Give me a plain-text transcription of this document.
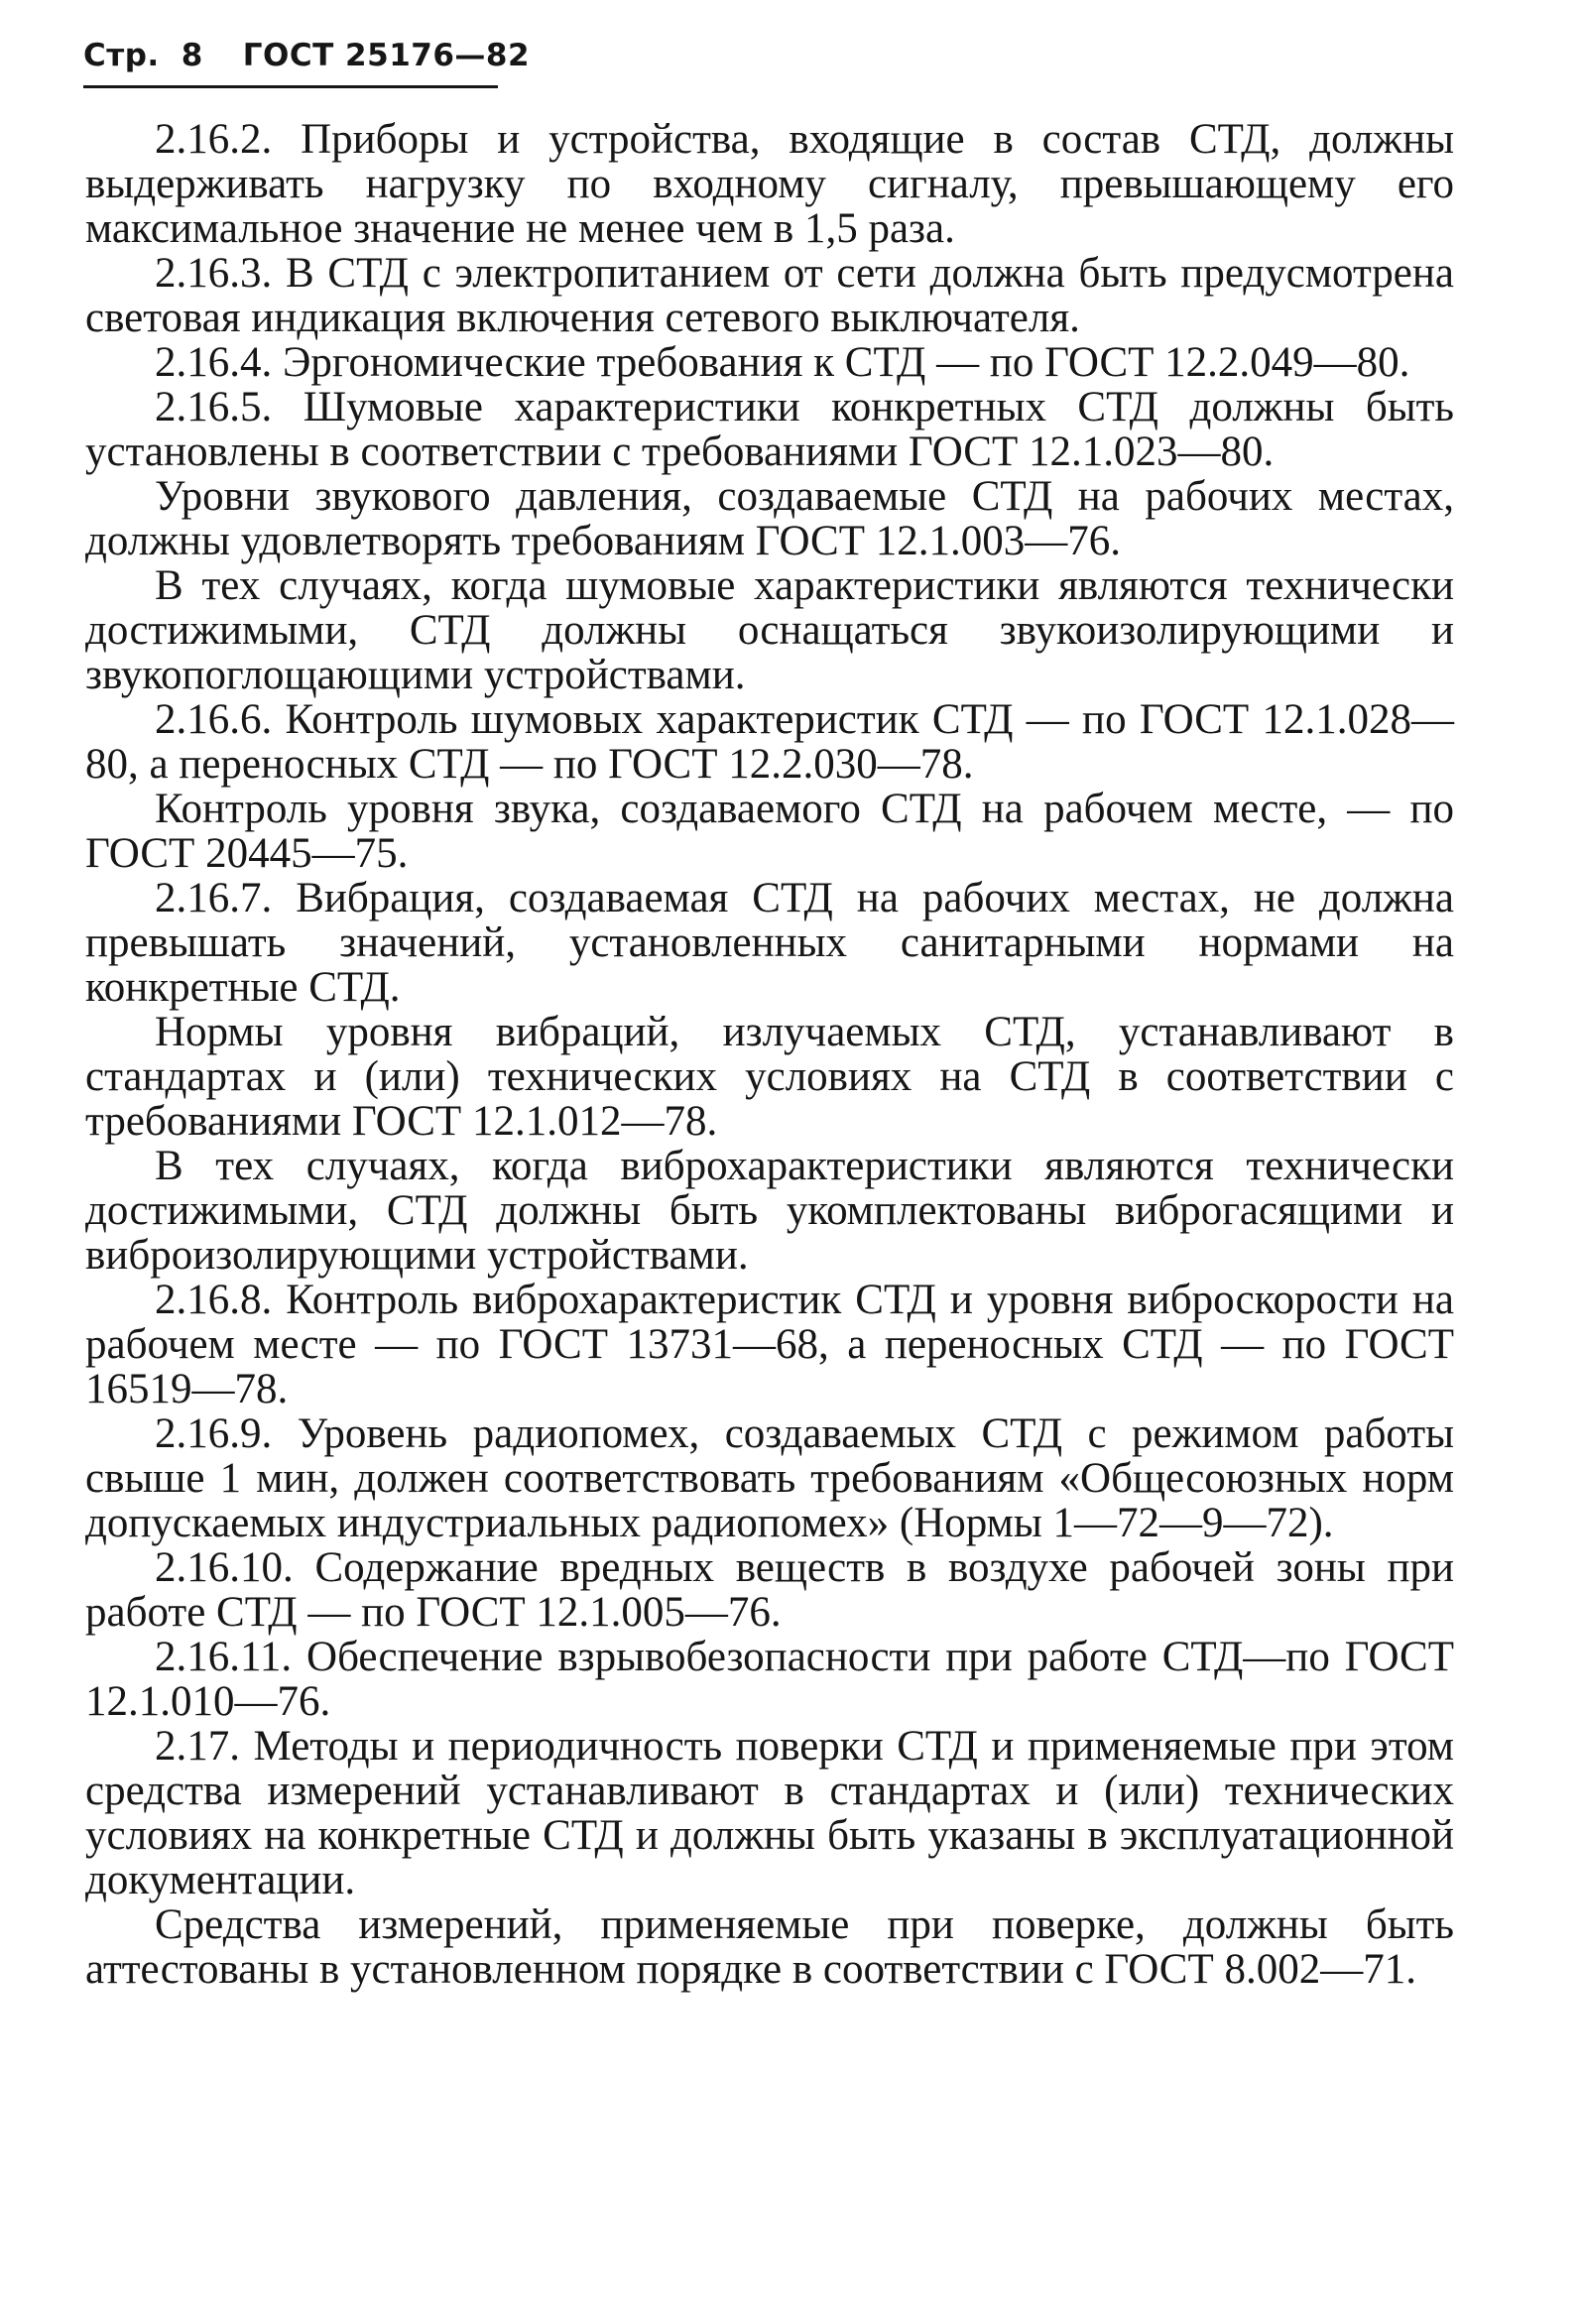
Стр. 8 ГОСТ 25176—82

2.16.2. Приборы и устройства, входящие в состав СТД, должны выдерживать нагрузку по входному сигналу, превышающему его максимальное значение не менее чем в 1,5 раза.

2.16.3. В СТД с электропитанием от сети должна быть предусмотрена световая индикация включения сетевого выключателя.

2.16.4. Эргономические требования к СТД — по ГОСТ 12.2.049—80.

2.16.5. Шумовые характеристики конкретных СТД должны быть установлены в соответствии с требованиями ГОСТ 12.1.023—80.

Уровни звукового давления, создаваемые СТД на рабочих местах, должны удовлетворять требованиям ГОСТ 12.1.003—76.

В тех случаях, когда шумовые характеристики являются технически достижимыми, СТД должны оснащаться звукоизолирующими и звукопоглощающими устройствами.

2.16.6. Контроль шумовых характеристик СТД — по ГОСТ 12.1.028—80, а переносных СТД — по ГОСТ 12.2.030—78.

Контроль уровня звука, создаваемого СТД на рабочем месте, — по ГОСТ 20445—75.

2.16.7. Вибрация, создаваемая СТД на рабочих местах, не должна превышать значений, установленных санитарными нормами на конкретные СТД.

Нормы уровня вибраций, излучаемых СТД, устанавливают в стандартах и (или) технических условиях на СТД в соответствии с требованиями ГОСТ 12.1.012—78.

В тех случаях, когда виброхарактеристики являются технически достижимыми, СТД должны быть укомплектованы виброгасящими и виброизолирующими устройствами.

2.16.8. Контроль виброхарактеристик СТД и уровня виброскорости на рабочем месте — по ГОСТ 13731—68, а переносных СТД — по ГОСТ 16519—78.

2.16.9. Уровень радиопомех, создаваемых СТД с режимом работы свыше 1 мин, должен соответствовать требованиям «Общесоюзных норм допускаемых индустриальных радиопомех» (Нормы 1—72—9—72).

2.16.10. Содержание вредных веществ в воздухе рабочей зоны при работе СТД — по ГОСТ 12.1.005—76.

2.16.11. Обеспечение взрывобезопасности при работе СТД—по ГОСТ 12.1.010—76.

2.17. Методы и периодичность поверки СТД и применяемые при этом средства измерений устанавливают в стандартах и (или) технических условиях на конкретные СТД и должны быть указаны в эксплуатационной документации.

Средства измерений, применяемые при поверке, должны быть аттестованы в установленном порядке в соответствии с ГОСТ 8.002—71.
